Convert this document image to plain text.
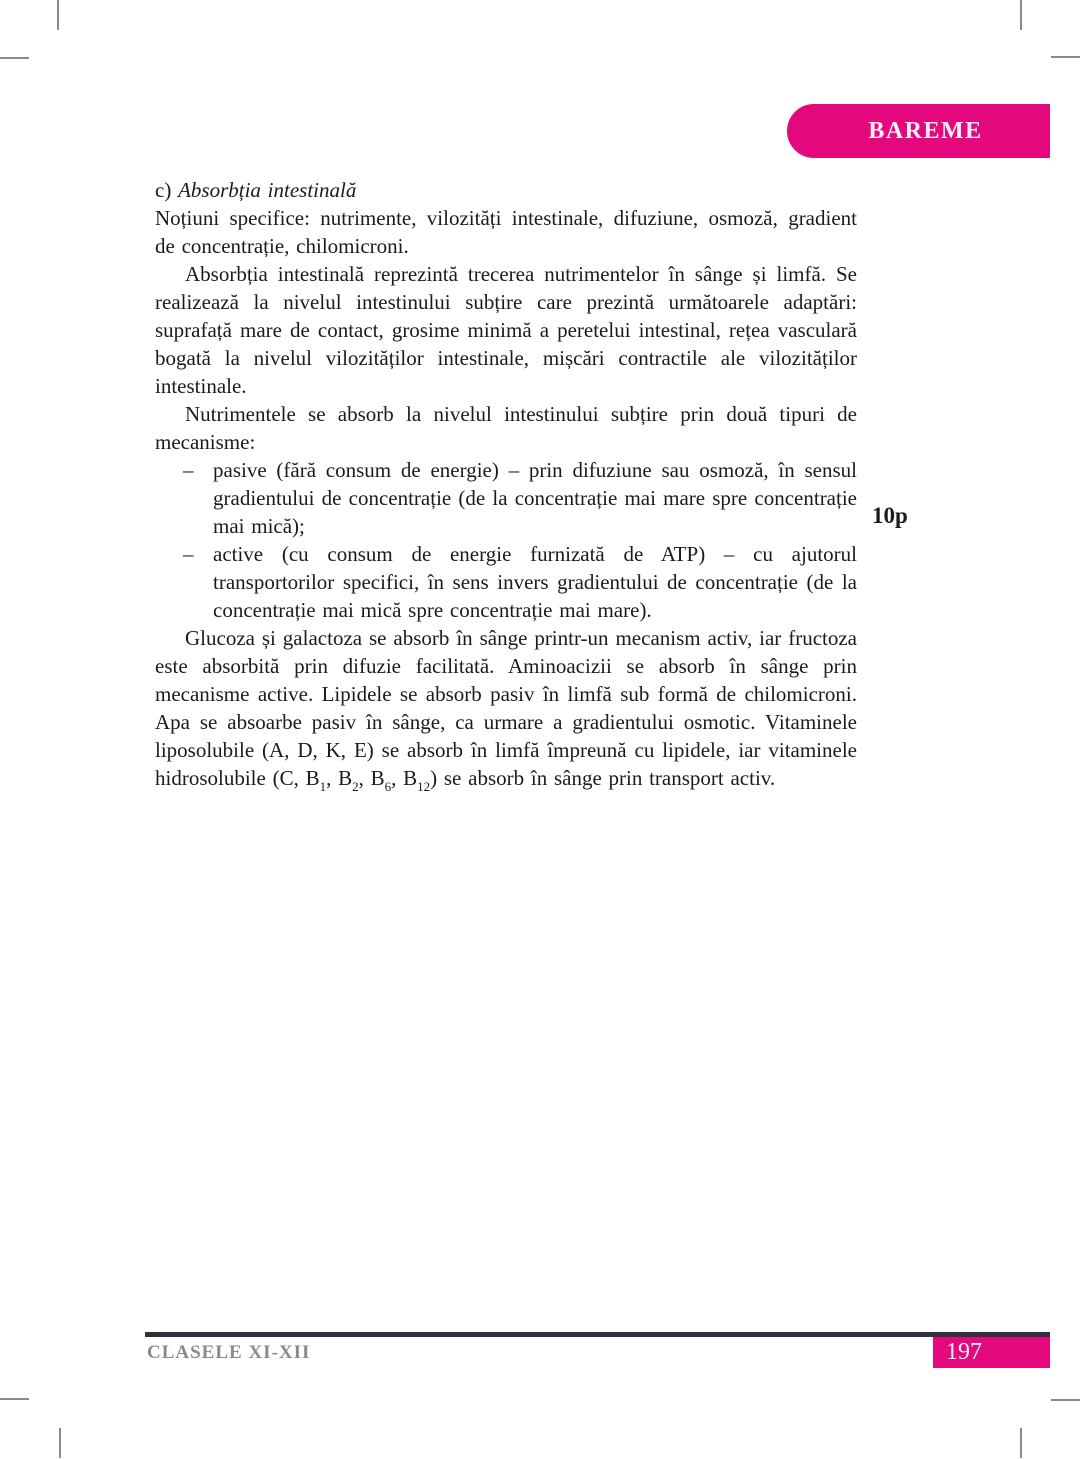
BAREME
c) Absorbția intestinală
Noțiuni specifice: nutrimente, vilozități intestinale, difuziune, osmoză, gradient de concentrație, chilomicroni.
Absorbția intestinală reprezintă trecerea nutrimentelor în sânge și limfă. Se realizează la nivelul intestinului subțire care prezintă următoarele adaptări: suprafață mare de contact, grosime minimă a peretelui intestinal, rețea vasculară bogată la nivelul vilozităților intestinale, mișcări contractile ale vilozităților intestinale.
Nutrimentele se absorb la nivelul intestinului subțire prin două tipuri de mecanisme:
– pasive (fără consum de energie) – prin difuziune sau osmoză, în sensul gradientului de concentrație (de la concentrație mai mare spre concentrație mai mică);
– active (cu consum de energie furnizată de ATP) – cu ajutorul transportorilor specifici, în sens invers gradientului de concentrație (de la concentrație mai mică spre concentrație mai mare).
Glucoza și galactoza se absorb în sânge printr-un mecanism activ, iar fructoza este absorbită prin difuzie facilitată. Aminoacizii se absorb în sânge prin mecanisme active. Lipidele se absorb pasiv în limfă sub formă de chilomicroni. Apa se absoarbe pasiv în sânge, ca urmare a gradientului osmotic. Vitaminele liposolubile (A, D, K, E) se absorb în limfă împreună cu lipidele, iar vitaminele hidrosolubile (C, $B_1$, $B_2$, $B_6$, $B_{12}$) se absorb în sânge prin transport activ.
10p
CLASELE XI-XII	197
